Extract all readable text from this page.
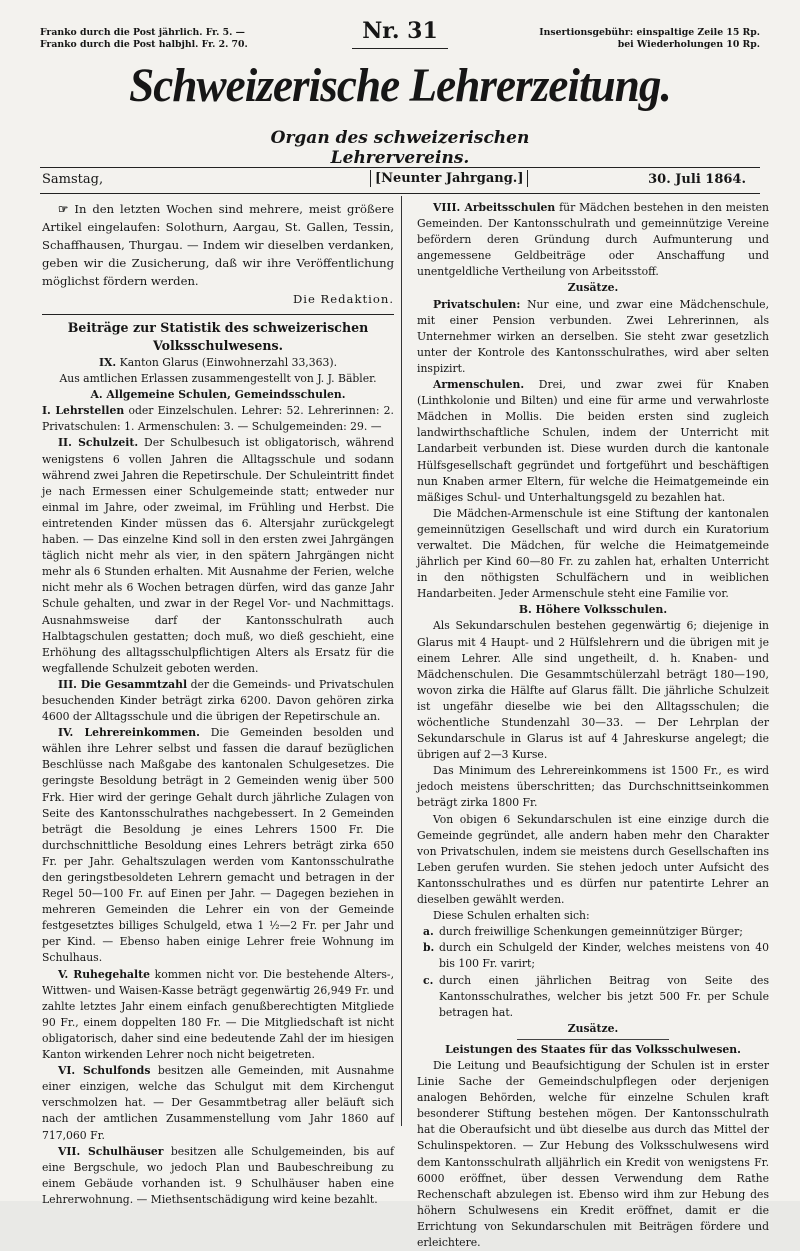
Franko durch die Post jährlich. Fr. 5. —
Franko durch die Post halbjhl. Fr. 2. 70.
Nr. 31	Insertionsgebühr: einspaltige Zeile 15 Rp.
bei Wiederholungen 10 Rp.
Schweizerische Lehrerzeitung.
Organ des schweizerischen Lehrervereins.
Samstag,	[Neunter Jahrgang.]	30. Juli 1864.

☞ In den letzten Wochen sind mehrere, meist größere Artikel eingelaufen: Solothurn, Aargau, St. Gallen, Tessin, Schaffhausen, Thurgau. — Indem wir dieselben verdanken, geben wir die Zusicherung, daß wir ihre Veröffentlichung möglichst fördern werden.
Die Redaktion.

Beiträge zur Statistik des schweizerischen

Volksschulwesens.

IX. Kanton Glarus (Einwohnerzahl 33,363).

Aus amtlichen Erlassen zusammengestellt von J. J. Bäbler.

A. Allgemeine Schulen, Gemeindsschulen.

I. Lehrstellen oder Einzelschulen. Lehrer: 52. Lehrerinnen: 2. Privatschulen: 1. Armenschulen: 3. — Schulgemeinden: 29. —

II. Schulzeit. Der Schulbesuch ist obligatorisch, während wenigstens 6 vollen Jahren die Alltagsschule und sodann während zwei Jahren die Repetirschule. Der Schuleintritt findet je nach Ermessen einer Schulgemeinde statt; entweder nur einmal im Jahre, oder zweimal, im Frühling und Herbst. Die eintretenden Kinder müssen das 6. Altersjahr zurückgelegt haben. — Das einzelne Kind soll in den ersten zwei Jahrgängen täglich nicht mehr als vier, in den spätern Jahrgängen nicht mehr als 6 Stunden erhalten. Mit Ausnahme der Ferien, welche nicht mehr als 6 Wochen betragen dürfen, wird das ganze Jahr Schule gehalten, und zwar in der Regel Vor- und Nachmittags. Ausnahmsweise darf der Kantonsschulrath auch Halbtagschulen gestatten; doch muß, wo dieß geschieht, eine Erhöhung des alltagsschulpflichtigen Alters als Ersatz für die wegfallende Schulzeit geboten werden.

III. Die Gesammtzahl der die Gemeinds- und Privatschulen besuchenden Kinder beträgt zirka 6200. Davon gehören zirka 4600 der Alltagsschule und die übrigen der Repetirschule an.

IV. Lehrereinkommen. Die Gemeinden besolden und wählen ihre Lehrer selbst und fassen die darauf bezüglichen Beschlüsse nach Maßgabe des kantonalen Schulgesetzes. Die geringste Besoldung beträgt in 2 Gemeinden wenig über 500 Frk. Hier wird der geringe Gehalt durch jährliche Zulagen von Seite des Kantonsschulrathes nachgebessert. In 2 Gemeinden beträgt die Besoldung je eines Lehrers 1500 Fr. Die durchschnittliche Besoldung eines Lehrers beträgt zirka 650 Fr. per Jahr. Gehaltszulagen werden vom Kantonsschulrathe den geringstbesoldeten Lehrern gemacht und betragen in der Regel 50—100 Fr. auf Einen per Jahr. — Dagegen beziehen in mehreren Gemeinden die Lehrer ein von der Gemeinde festgesetztes billiges Schulgeld, etwa 1 ½—2 Fr. per Jahr und per Kind. — Ebenso haben einige Lehrer freie Wohnung im Schulhaus.

V. Ruhegehalte kommen nicht vor. Die bestehende Alters-, Wittwen- und Waisen-Kasse beträgt gegenwärtig 26,949 Fr. und zahlte letztes Jahr einem einfach genußberechtigten Mitgliede 90 Fr., einem doppelten 180 Fr. — Die Mitgliedschaft ist nicht obligatorisch, daher sind eine bedeutende Zahl der im hiesigen Kanton wirkenden Lehrer noch nicht beigetreten.

VI. Schulfonds besitzen alle Gemeinden, mit Ausnahme einer einzigen, welche das Schulgut mit dem Kirchengut verschmolzen hat. — Der Gesammtbetrag aller beläuft sich nach der amtlichen Zusammenstellung vom Jahr 1860 auf 717,060 Fr.

VII. Schulhäuser besitzen alle Schulgemeinden, bis auf eine Bergschule, wo jedoch Plan und Baubeschreibung zu einem Gebäude vorhanden ist. 9 Schulhäuser haben eine Lehrerwohnung. — Miethsentschädigung wird keine bezahlt.

VIII. Arbeitsschulen für Mädchen bestehen in den meisten Gemeinden. Der Kantonsschulrath und gemeinnützige Vereine befördern deren Gründung durch Aufmunterung und angemessene Geldbeiträge oder Anschaffung und unentgeldliche Vertheilung von Arbeitsstoff.

Zusätze.

Privatschulen: Nur eine, und zwar eine Mädchenschule, mit einer Pension verbunden. Zwei Lehrerinnen, als Unternehmer wirken an derselben. Sie steht zwar gesetzlich unter der Kontrole des Kantonsschulrathes, wird aber selten inspizirt.

Armenschulen. Drei, und zwar zwei für Knaben (Linthkolonie und Bilten) und eine für arme und verwahrloste Mädchen in Mollis. Die beiden ersten sind zugleich landwirthschaftliche Schulen, indem der Unterricht mit Landarbeit verbunden ist. Diese wurden durch die kantonale Hülfsgesellschaft gegründet und fortgeführt und beschäftigen nun Knaben armer Eltern, für welche die Heimatgemeinde ein mäßiges Schul- und Unterhaltungsgeld zu bezahlen hat.

Die Mädchen-Armenschule ist eine Stiftung der kantonalen gemeinnützigen Gesellschaft und wird durch ein Kuratorium verwaltet. Die Mädchen, für welche die Heimatgemeinde jährlich per Kind 60—80 Fr. zu zahlen hat, erhalten Unterricht in den nöthigsten Schulfächern und in weiblichen Handarbeiten. Jeder Armenschule steht eine Familie vor.

B. Höhere Volksschulen.

Als Sekundarschulen bestehen gegenwärtig 6; diejenige in Glarus mit 4 Haupt- und 2 Hülfslehrern und die übrigen mit je einem Lehrer. Alle sind ungetheilt, d. h. Knaben- und Mädchenschulen. Die Gesammtschülerzahl beträgt 180—190, wovon zirka die Hälfte auf Glarus fällt. Die jährliche Schulzeit ist ungefähr dieselbe wie bei den Alltagsschulen; die wöchentliche Stundenzahl 30—33. — Der Lehrplan der Sekundarschule in Glarus ist auf 4 Jahreskurse angelegt; die übrigen auf 2—3 Kurse.

Das Minimum des Lehrereinkommens ist 1500 Fr., es wird jedoch meistens überschritten; das Durchschnittseinkommen beträgt zirka 1800 Fr.

Von obigen 6 Sekundarschulen ist eine einzige durch die Gemeinde gegründet, alle andern haben mehr den Charakter von Privatschulen, indem sie meistens durch Gesellschaften ins Leben gerufen wurden. Sie stehen jedoch unter Aufsicht des Kantonsschulrathes und es dürfen nur patentirte Lehrer an dieselben gewählt werden.

Diese Schulen erhalten sich:

a. durch freiwillige Schenkungen gemeinnütziger Bürger;

b. durch ein Schulgeld der Kinder, welches meistens von 40 bis 100 Fr. varirt;

c. durch einen jährlichen Beitrag von Seite des Kantonsschulrathes, welcher bis jetzt 500 Fr. per Schule betragen hat.

Zusätze.

Leistungen des Staates für das Volksschulwesen.

Die Leitung und Beaufsichtigung der Schulen ist in erster Linie Sache der Gemeindschulpflegen oder derjenigen analogen Behörden, welche für einzelne Schulen kraft besonderer Stiftung bestehen mögen. Der Kantonsschulrath hat die Oberaufsicht und übt dieselbe aus durch das Mittel der Schulinspektoren. — Zur Hebung des Volksschulwesens wird dem Kantonsschulrath alljährlich ein Kredit von wenigstens Fr. 6000 eröffnet, über dessen Verwendung dem Rathe Rechenschaft abzulegen ist. Ebenso wird ihm zur Hebung des höhern Schulwesens ein Kredit eröffnet, damit er die Errichtung von Sekundarschulen mit Beiträgen fördere und erleichtere.
